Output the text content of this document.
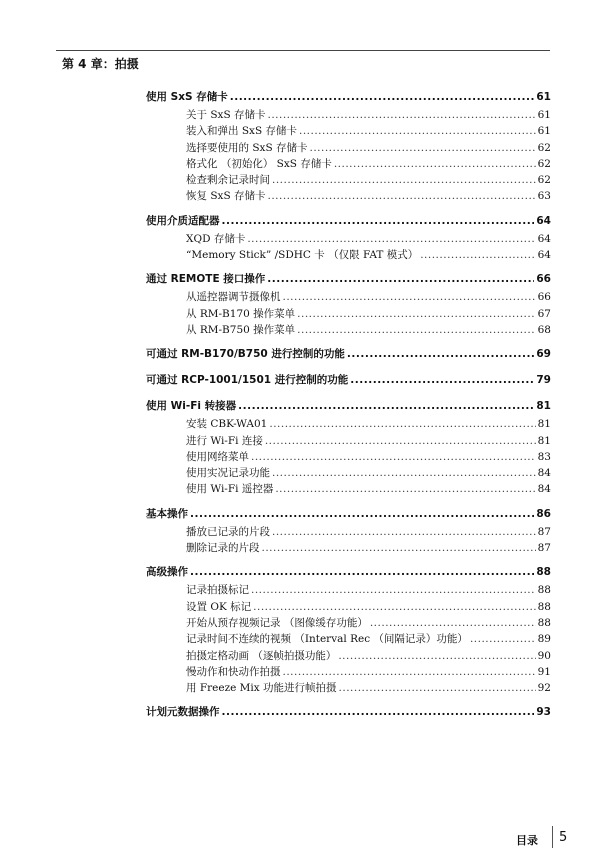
第 4 章：拍摄
使用 SxS 存储卡 .....	61
关于 SxS 存储卡 .....	61
装入和弹出 SxS 存储卡 .....	61
选择要使用的 SxS 存储卡 .....	62
格式化 （初始化） SxS 存储卡 .....	62
检查剩余记录时间 .....	62
恢复 SxS 存储卡 .....	63
使用介质适配器 .....	64
XQD 存储卡 .....	64
“Memory Stick” /SDHC 卡 （仅限 FAT 模式） .....	64
通过 REMOTE 接口操作 .....	66
从遥控器调节摄像机 .....	66
从 RM-B170 操作菜单 .....	67
从 RM-B750 操作菜单 .....	68
可通过 RM-B170/B750 进行控制的功能 .....	69
可通过 RCP-1001/1501 进行控制的功能 .....	79
使用 Wi-Fi 转接器 .....	81
安装 CBK-WA01 .....	81
进行 Wi-Fi 连接 .....	81
使用网络菜单 .....	83
使用实况记录功能 .....	84
使用 Wi-Fi 遥控器 .....	84
基本操作 .....	86
播放已记录的片段 .....	87
删除记录的片段 .....	87
高级操作 .....	88
记录拍摄标记 .....	88
设置 OK 标记 .....	88
开始从预存视频记录 （图像缓存功能） .....	88
记录时间不连续的视频 （Interval Rec （间隔记录）功能） .....	89
拍摄定格动画 （逐帧拍摄功能） .....	90
慢动作和快动作拍摄 .....	91
用 Freeze Mix 功能进行帧拍摄 .....	92
计划元数据操作 .....	93
目录 5
